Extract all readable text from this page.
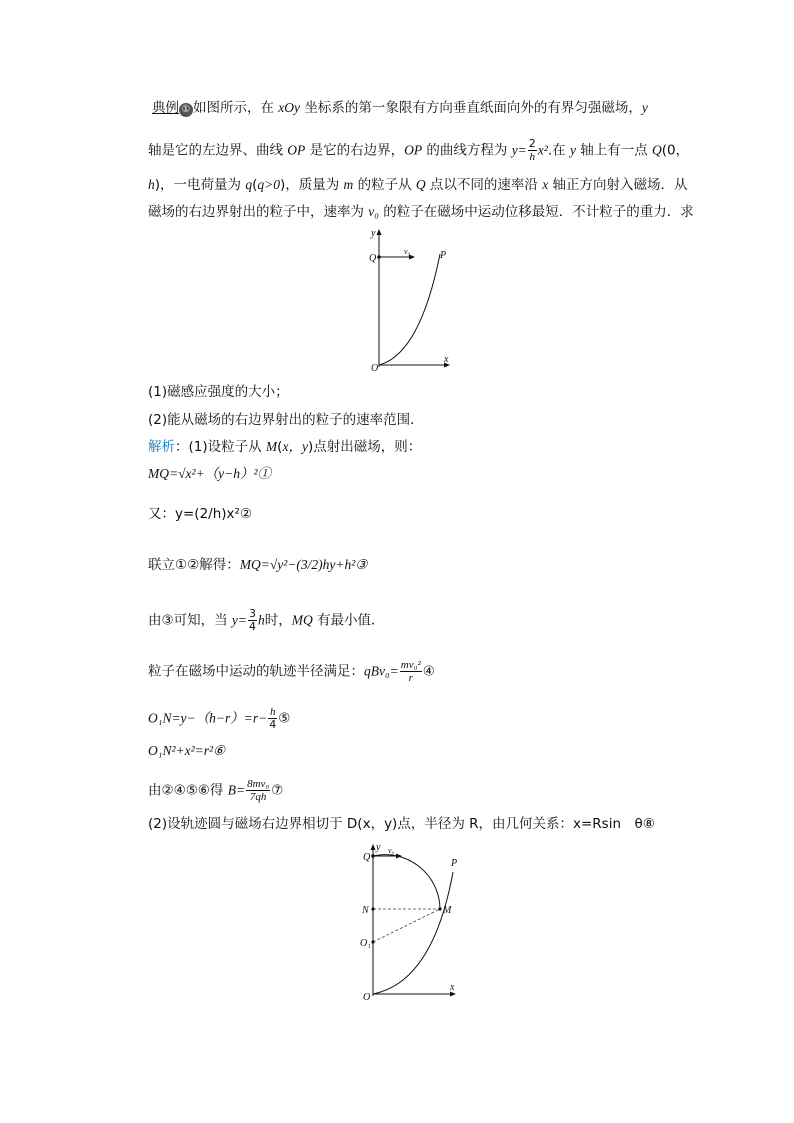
典例 ① 如图所示，在 xOy 坐标系的第一象限有方向垂直纸面向外的有界匀强磁场，y
轴是它的左边界、曲线 OP 是它的右边界，OP 的曲线方程为 $y= \frac{2}{h} x^2$.在 y 轴上有一点 Q(0，
h)，一电荷量为 q(q>0)，质量为 m 的粒子从 Q 点以不同的速率沿 x 轴正方向射入磁场．从
磁场的右边界射出的粒子中，速率为 v₀ 的粒子在磁场中运动位移最短．不计粒子的重力．求
y
Q
v₀	P
O
x
(1)磁感应强度的大小；
(2)能从磁场的右边界射出的粒子的速率范围．
解析：(1)设粒子从 M(x，y)点射出磁场，则：
MQ=√x²+（y−h）²①
又：y=(2/h)x²②
联立①②解得：MQ=√y²−(3/2)hy+h²③
由③可知，当 $y= \frac{3}{4}$ h时，MQ 有最小值．
粒子在磁场中运动的轨迹半径满足：$qBv_0= \frac{\text{mv₀²}}{r}$ ④
$O_1N=y-(h-r)=r- \frac{h}{4}$ ⑤
O₁N²+x²=r²⑥
由②④⑤⑥得 $B= \frac{\text{8mv₀}}{7qh}$ ⑦
(2)设轨迹圆与磁场右边界相切于 D(x，y)点，半径为 R，由几何关系：x=Rsin　θ⑧
y
Q
v₀
P
N	M
O₁
O
x
